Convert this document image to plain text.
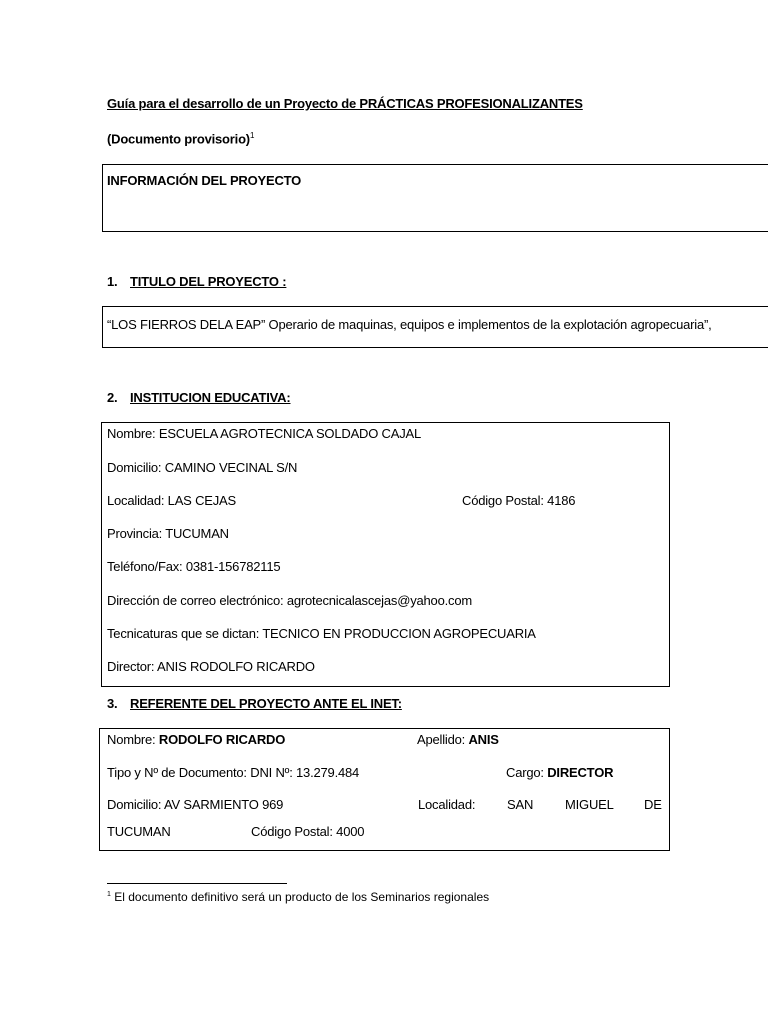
Guía para el desarrollo de un Proyecto de PRÁCTICAS PROFESIONALIZANTES
(Documento provisorio)$^1$
INFORMACIÓN DEL PROYECTO
1. TITULO DEL PROYECTO :
“LOS FIERROS DELA EAP” Operario de maquinas, equipos e implementos de la explotación agropecuaria”,
2. INSTITUCION EDUCATIVA:
Nombre: ESCUELA AGROTECNICA SOLDADO CAJAL
Domicilio: CAMINO VECINAL S/N
Localidad: LAS CEJAS	Código Postal: 4186
Provincia: TUCUMAN
Teléfono/Fax: 0381-156782115
Dirección de correo electrónico: agrotecnicalascejas@yahoo.com
Tecnicaturas que se dictan: TECNICO EN PRODUCCION AGROPECUARIA
Director: ANIS RODOLFO RICARDO
3. REFERENTE DEL PROYECTO ANTE EL INET:
Nombre: RODOLFO RICARDO	Apellido: ANIS
Tipo y Nº de Documento: DNI Nº: 13.279.484	Cargo: DIRECTOR
Domicilio: AV SARMIENTO 969	Localidad: SAN MIGUEL DE
TUCUMAN	Código Postal: 4000
$^1$ El documento definitivo será un producto de los Seminarios regionales
